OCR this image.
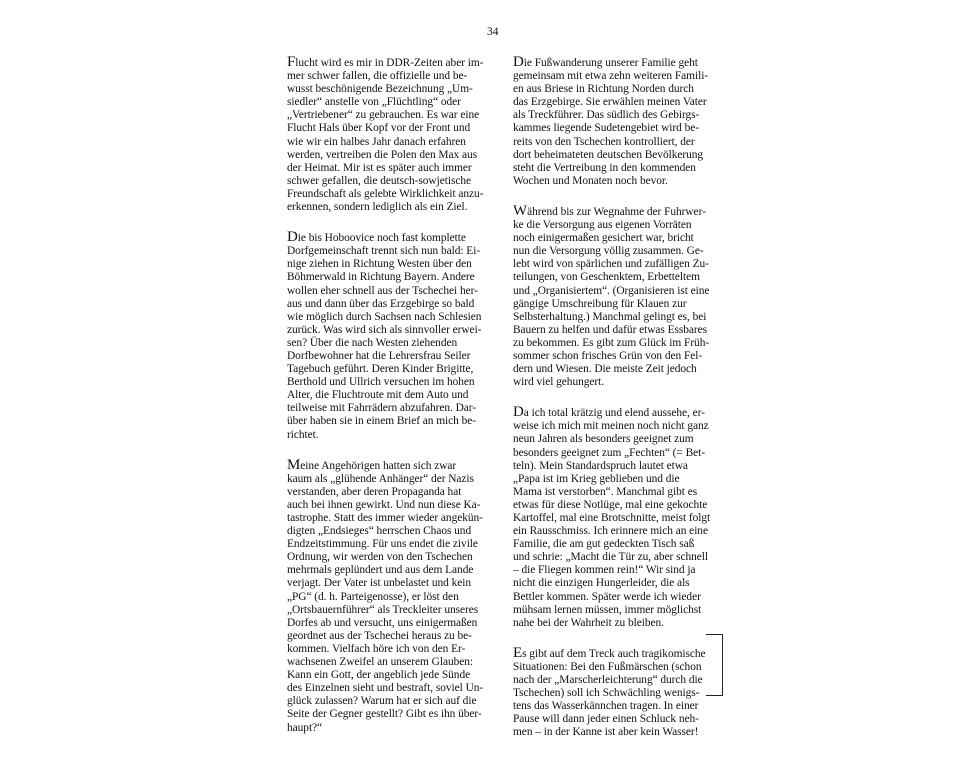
34
Flucht wird es mir in DDR-Zeiten aber im-
mer schwer fallen, die offizielle und be-
wusst beschönigende Bezeichnung „Um-
siedler“ anstelle von „Flüchtling“ oder
„Vertriebener“ zu gebrauchen. Es war eine
Flucht Hals über Kopf vor der Front und
wie wir ein halbes Jahr danach erfahren
werden, vertreiben die Polen den Max aus
der Heimat. Mir ist es später auch immer
schwer gefallen, die deutsch-sowjetische
Freundschaft als gelebte Wirklichkeit anzu-
erkennen, sondern lediglich als ein Ziel.
Die bis Hoboovice noch fast komplette
Dorfgemeinschaft trennt sich nun bald: Ei-
nige ziehen in Richtung Westen über den
Böhmerwald in Richtung Bayern. Andere
wollen eher schnell aus der Tschechei her-
aus und dann über das Erzgebirge so bald
wie möglich durch Sachsen nach Schlesien
zurück. Was wird sich als sinnvoller erwei-
sen? Über die nach Westen ziehenden
Dorfbewohner hat die Lehrersfrau Seiler
Tagebuch geführt. Deren Kinder Brigitte,
Berthold und Ullrich versuchen im hohen
Alter, die Fluchtroute mit dem Auto und
teilweise mit Fahrrädern abzufahren. Dar-
über haben sie in einem Brief an mich be-
richtet.
Meine Angehörigen hatten sich zwar
kaum als „glühende Anhänger“ der Nazis
verstanden, aber deren Propaganda hat
auch bei ihnen gewirkt. Und nun diese Ka-
tastrophe. Statt des immer wieder angekün-
digten „Endsieges“ herrschen Chaos und
Endzeitstimmung. Für uns endet die zivile
Ordnung, wir werden von den Tschechen
mehrmals geplündert und aus dem Lande
verjagt. Der Vater ist unbelastet und kein
„PG“ (d. h. Parteigenosse), er löst den
„Ortsbauernführer“ als Treckleiter unseres
Dorfes ab und versucht, uns einigermaßen
geordnet aus der Tschechei heraus zu be-
kommen. Vielfach höre ich von den Er-
wachsenen Zweifel an unserem Glauben:
Kann ein Gott, der angeblich jede Sünde
des Einzelnen sieht und bestraft, soviel Un-
glück zulassen? Warum hat er sich auf die
Seite der Gegner gestellt? Gibt es ihn über-
haupt?“
Die Fußwanderung unserer Familie geht
gemeinsam mit etwa zehn weiteren Famili-
en aus Briese in Richtung Norden durch
das Erzgebirge. Sie erwählen meinen Vater
als Treckführer. Das südlich des Gebirgs-
kammes liegende Sudetengebiet wird be-
reits von den Tschechen kontrolliert, der
dort beheimateten deutschen Bevölkerung
steht die Vertreibung in den kommenden
Wochen und Monaten noch bevor.
Während bis zur Wegnahme der Fuhrwer-
ke die Versorgung aus eigenen Vorräten
noch einigermaßen gesichert war, bricht
nun die Versorgung völlig zusammen. Ge-
lebt wird von spärlichen und zufälligen Zu-
teilungen, von Geschenktem, Erbetteltem
und „Organisiertem“. (Organisieren ist eine
gängige Umschreibung für Klauen zur
Selbsterhaltung.) Manchmal gelingt es, bei
Bauern zu helfen und dafür etwas Essbares
zu bekommen. Es gibt zum Glück im Früh-
sommer schon frisches Grün von den Fel-
dern und Wiesen. Die meiste Zeit jedoch
wird viel gehungert.
Da ich total krätzig und elend aussehe, er-
weise ich mich mit meinen noch nicht ganz
neun Jahren als besonders geeignet zum
besonders geeignet zum „Fechten“ (= Bet-
teln). Mein Standardspruch lautet etwa
„Papa ist im Krieg geblieben und die
Mama ist verstorben“. Manchmal gibt es
etwas für diese Notlüge, mal eine gekochte
Kartoffel, mal eine Brotschnitte, meist folgt
ein Rausschmiss. Ich erinnere mich an eine
Familie, die am gut gedeckten Tisch saß
und schrie: „Macht die Tür zu, aber schnell
– die Fliegen kommen rein!“ Wir sind ja
nicht die einzigen Hungerleider, die als
Bettler kommen. Später werde ich wieder
mühsam lernen müssen, immer möglichst
nahe bei der Wahrheit zu bleiben.
Es gibt auf dem Treck auch tragikomische
Situationen: Bei den Fußmärschen (schon
nach der „Marscherleichterung“ durch die
Tschechen) soll ich Schwächling wenigs-
tens das Wasserkännchen tragen. In einer
Pause will dann jeder einen Schluck neh-
men – in der Kanne ist aber kein Wasser!
